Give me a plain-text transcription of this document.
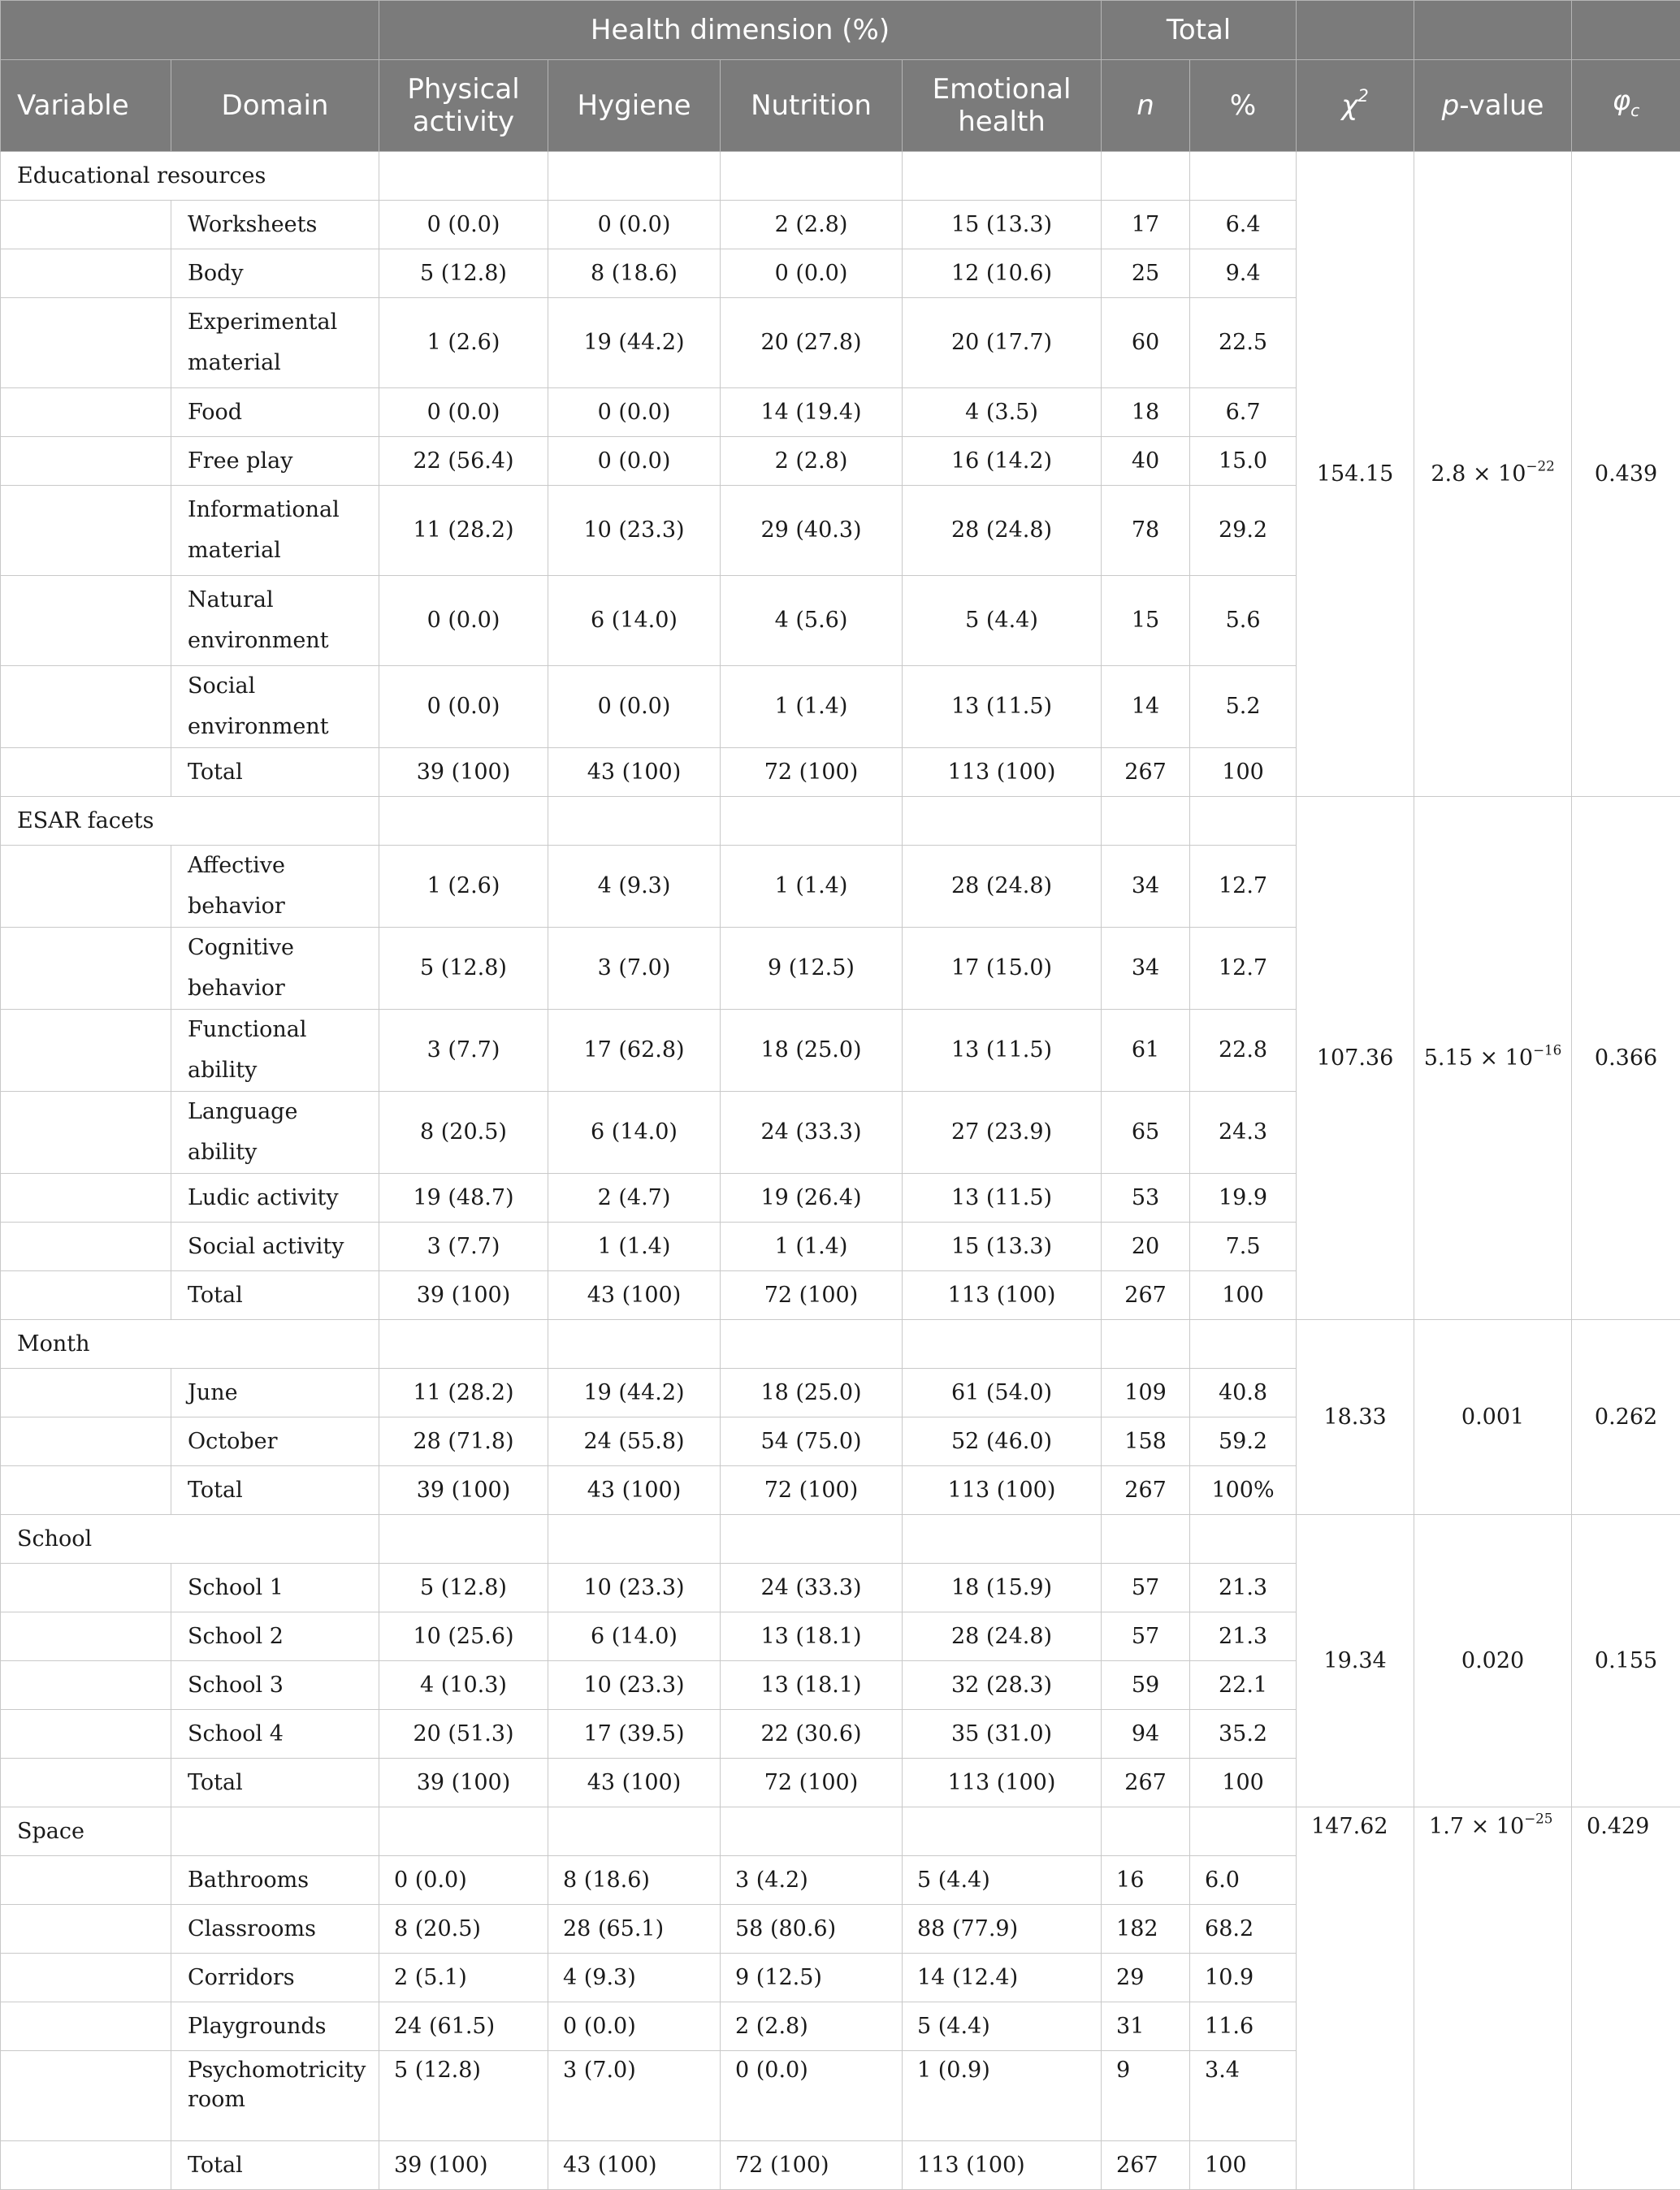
		Health dimension (%)				Total				
Variable	Domain	Physical activity	Hygiene	Nutrition	Emotional health	n	%	$\chi^2$	p-value	$\varphi_c$
Educational resources								154.15	$2.8 \times 10^{-22}$	0.439
	Worksheets	0 (0.0)	0 (0.0)	2 (2.8)	15 (13.3)	17	6.4			
	Body	5 (12.8)	8 (18.6)	0 (0.0)	12 (10.6)	25	9.4			
	Experimental material	1 (2.6)	19 (44.2)	20 (27.8)	20 (17.7)	60	22.5			
	Food	0 (0.0)	0 (0.0)	14 (19.4)	4 (3.5)	18	6.7			
	Free play	22 (56.4)	0 (0.0)	2 (2.8)	16 (14.2)	40	15.0			
	Informational material	11 (28.2)	10 (23.3)	29 (40.3)	28 (24.8)	78	29.2			
	Natural environment	0 (0.0)	6 (14.0)	4 (5.6)	5 (4.4)	15	5.6			
	Social environment	0 (0.0)	0 (0.0)	1 (1.4)	13 (11.5)	14	5.2			
	Total	39 (100)	43 (100)	72 (100)	113 (100)	267	100			
ESAR facets								107.36	$5.15 \times 10^{-16}$	0.366
	Affective behavior	1 (2.6)	4 (9.3)	1 (1.4)	28 (24.8)	34	12.7			
	Cognitive behavior	5 (12.8)	3 (7.0)	9 (12.5)	17 (15.0)	34	12.7			
	Functional ability	3 (7.7)	17 (62.8)	18 (25.0)	13 (11.5)	61	22.8			
	Language ability	8 (20.5)	6 (14.0)	24 (33.3)	27 (23.9)	65	24.3			
	Ludic activity	19 (48.7)	2 (4.7)	19 (26.4)	13 (11.5)	53	19.9			
	Social activity	3 (7.7)	1 (1.4)	1 (1.4)	15 (13.3)	20	7.5			
	Total	39 (100)	43 (100)	72 (100)	113 (100)	267	100			
Month								18.33	0.001	0.262
	June	11 (28.2)	19 (44.2)	18 (25.0)	61 (54.0)	109	40.8			
	October	28 (71.8)	24 (55.8)	54 (75.0)	52 (46.0)	158	59.2			
	Total	39 (100)	43 (100)	72 (100)	113 (100)	267	100%			
School								19.34	0.020	0.155
	School 1	5 (12.8)	10 (23.3)	24 (33.3)	18 (15.9)	57	21.3			
	School 2	10 (25.6)	6 (14.0)	13 (18.1)	28 (24.8)	57	21.3			
	School 3	4 (10.3)	10 (23.3)	13 (18.1)	32 (28.3)	59	22.1			
	School 4	20 (51.3)	17 (39.5)	22 (30.6)	35 (31.0)	94	35.2			
	Total	39 (100)	43 (100)	72 (100)	113 (100)	267	100			
Space								147.62	$1.7 \times 10^{-25}$	0.429
	Bathrooms	0 (0.0)	8 (18.6)	3 (4.2)	5 (4.4)	16	6.0			
	Classrooms	8 (20.5)	28 (65.1)	58 (80.6)	88 (77.9)	182	68.2			
	Corridors	2 (5.1)	4 (9.3)	9 (12.5)	14 (12.4)	29	10.9			
	Playgrounds	24 (61.5)	0 (0.0)	2 (2.8)	5 (4.4)	31	11.6			
	Psychomotricity room	5 (12.8)	3 (7.0)	0 (0.0)	1 (0.9)	9	3.4			
	Total	39 (100)	43 (100)	72 (100)	113 (100)	267	100			
